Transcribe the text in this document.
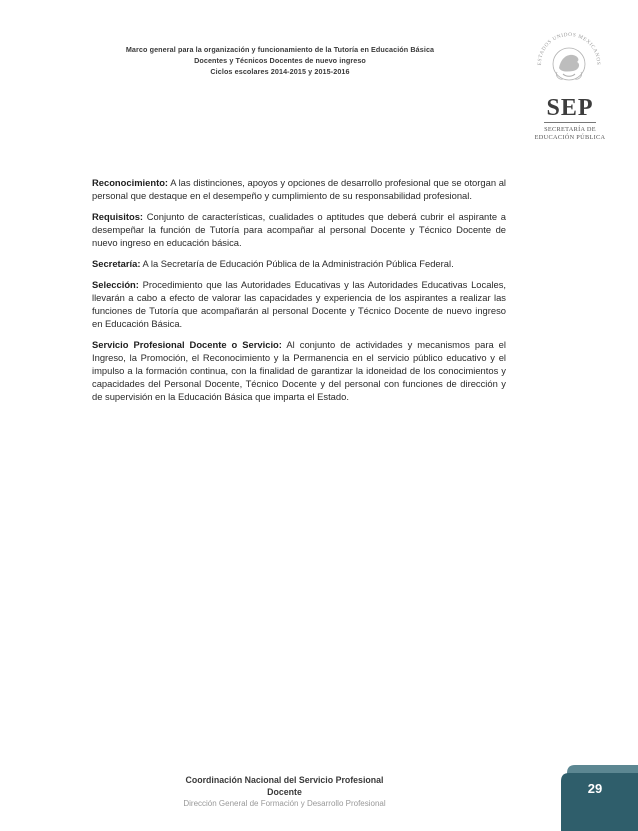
Marco general para la organización y funcionamiento de la Tutoría en Educación Básica
Docentes y Técnicos Docentes de nuevo ingreso
Ciclos escolares 2014-2015 y 2015-2016
ESTADOS UNIDOS MEXICANOS
SEP
SECRETARÍA DE
EDUCACIÓN PÚBLICA

Reconocimiento: A las distinciones, apoyos y opciones de desarrollo profesional que se otorgan al personal que destaque en el desempeño y cumplimiento de su responsabilidad profesional.

Requisitos: Conjunto de características, cualidades o aptitudes que deberá cubrir el aspirante a desempeñar la función de Tutoría para acompañar al personal Docente y Técnico Docente de nuevo ingreso en educación básica.

Secretaría: A la Secretaría de Educación Pública de la Administración Pública Federal.

Selección: Procedimiento que las Autoridades Educativas y las Autoridades Educativas Locales, llevarán a cabo a efecto de valorar las capacidades y experiencia de los aspirantes a realizar las funciones de Tutoría que acompañarán al personal Docente y Técnico Docente de nuevo ingreso en Educación Básica.

Servicio Profesional Docente o Servicio: Al conjunto de actividades y mecanismos para el Ingreso, la Promoción, el Reconocimiento y la Permanencia en el servicio público educativo y el impulso a la formación continua, con la finalidad de garantizar la idoneidad de los conocimientos y capacidades del Personal Docente, Técnico Docente y del personal con funciones de dirección y de supervisión en la Educación Básica que imparta el Estado.

Coordinación Nacional del Servicio Profesional Docente
Dirección General de Formación y Desarrollo Profesional
29
